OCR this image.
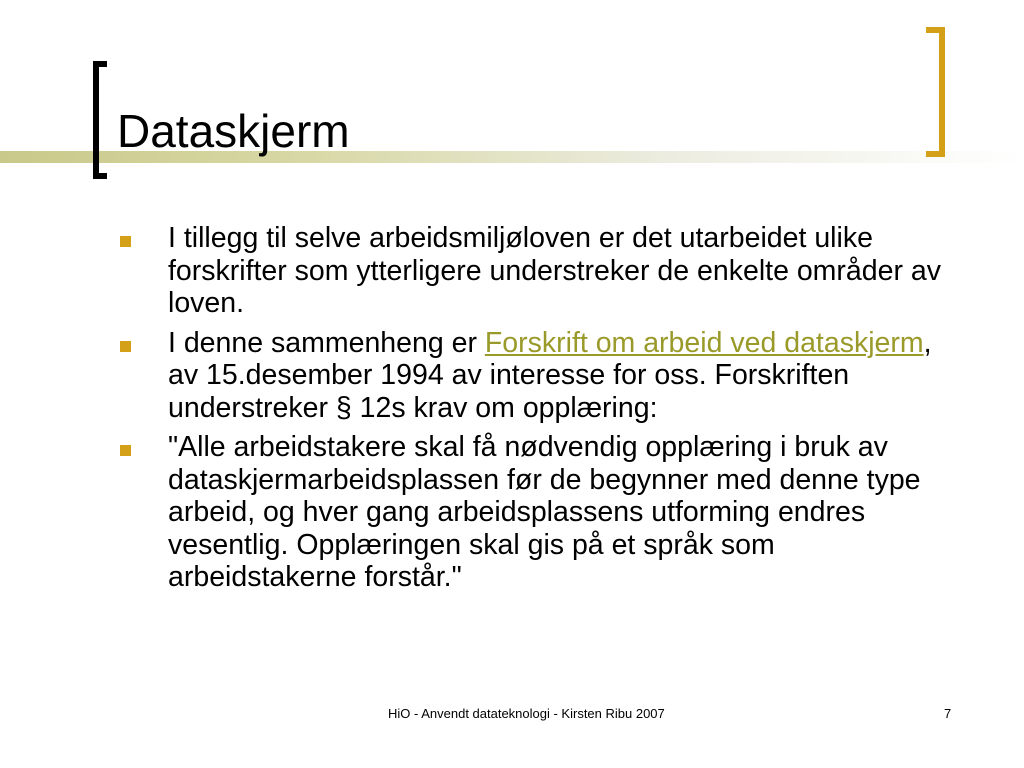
Dataskjerm
I tillegg til selve arbeidsmiljøloven er det utarbeidet ulike forskrifter som ytterligere understreker de enkelte områder av loven.
I denne sammenheng er Forskrift om arbeid ved dataskjerm, av 15.desember 1994 av interesse for oss. Forskriften understreker § 12s krav om opplæring:
"Alle arbeidstakere skal få nødvendig opplæring i bruk av dataskjermarbeidsplassen før de begynner med denne type arbeid, og hver gang arbeidsplassens utforming endres vesentlig. Opplæringen skal gis på et språk som arbeidstakerne forstår."
HiO - Anvendt datateknologi - Kirsten Ribu 2007	7
